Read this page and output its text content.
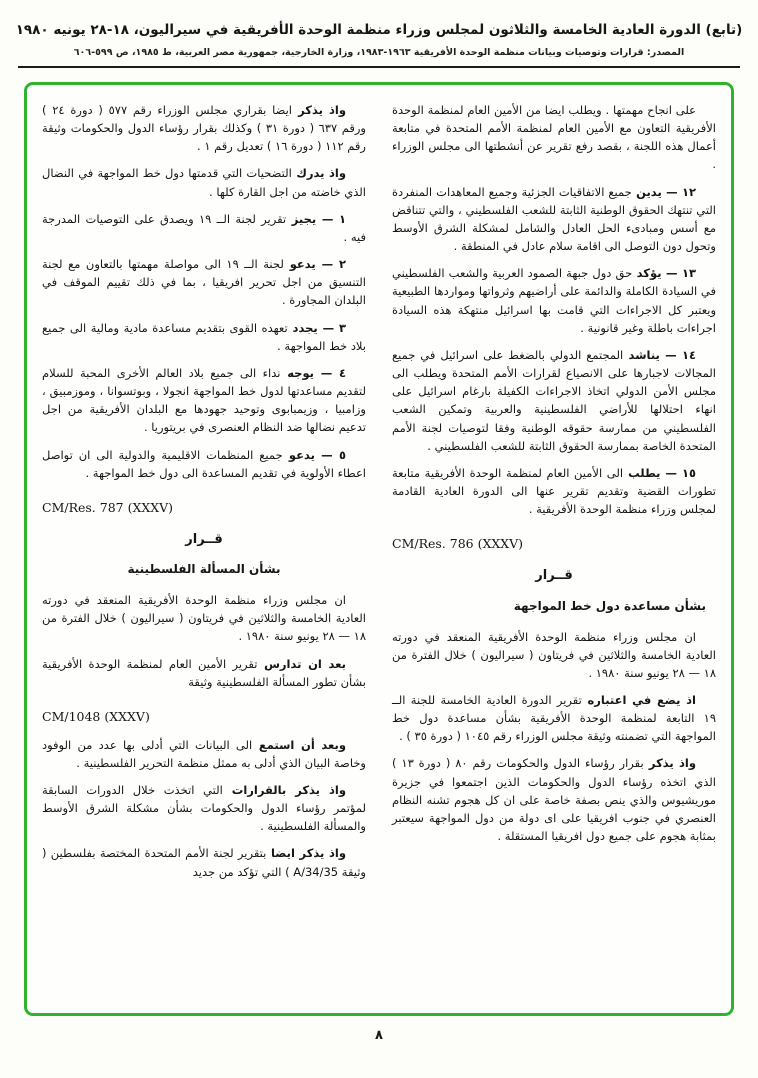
(تابع) الدورة العادية الخامسة والثلاثون لمجلس وزراء منظمة الوحدة الأفريقية في سيراليون، ١٨-٢٨ يونيه ١٩٨٠
المصدر: قرارات وتوصيات وبيانات منظمة الوحدة الأفريقية ١٩٦٣-١٩٨٣، وزارة الخارجية، جمهورية مصر العربية، ط ١٩٨٥، ص ٥٩٩-٦٠٦
على انجاح مهمتها . ويطلب ايضا من الأمين العام لمنظمة الوحدة الأفريقية التعاون مع الأمين العام لمنظمة الأمم المتحدة في متابعة أعمال هذه اللجنة ، بقصد رفع تقرير عن أنشطتها الى مجلس الوزراء .
١٢ — يدين جميع الاتفاقيات الجزئية وجميع المعاهدات المنفردة التي تنتهك الحقوق الوطنية الثابتة للشعب الفلسطيني ، والتي تتناقض مع أسس ومبادىء الحل العادل والشامل لمشكلة الشرق الأوسط وتحول دون التوصل الى اقامة سلام عادل في المنطقة .
١٣ — يؤكد حق دول جبهة الصمود العربية والشعب الفلسطيني في السيادة الكاملة والدائمة على أراضيهم وثرواتها ومواردها الطبيعية ويعتبر كل الاجراءات التي قامت بها اسرائيل منتهكة هذه السيادة اجراءات باطلة وغير قانونية .
١٤ — يناشد المجتمع الدولي بالضغط على اسرائيل في جميع المجالات لاجبارها على الانصياع لقرارات الأمم المتحدة ويطلب الى مجلس الأمن الدولي اتخاذ الاجراءات الكفيلة بارغام اسرائيل على انهاء احتلالها للأراضي الفلسطينية والعربية وتمكين الشعب الفلسطيني من ممارسة حقوقه الوطنية وفقا لتوصيات لجنة الأمم المتحدة الخاصة بممارسة الحقوق الثابتة للشعب الفلسطيني .
١٥ — يطلب الى الأمين العام لمنظمة الوحدة الأفريقية متابعة تطورات القضية وتقديم تقرير عنها الى الدورة العادية القادمة لمجلس وزراء منظمة الوحدة الأفريقية .
CM/Res. 786 (XXXV)
قــرار
بشأن مساعدة دول خط المواجهة
ان مجلس وزراء منظمة الوحدة الأفريقية المنعقد في دورته العادية الخامسة والثلاثين في فريتاون ( سيراليون ) خلال الفترة من ١٨ — ٢٨ يونيو سنة ١٩٨٠ .
اذ يضع في اعتباره تقرير الدورة العادية الخامسة للجنة الــ ١٩ التابعة لمنظمة الوحدة الأفريقية بشأن مساعدة دول خط المواجهة التي تضمنته وثيقة مجلس الوزراء رقم ١٠٤٥ ( دورة ٣٥ ) .
واذ يذكر بقرار رؤساء الدول والحكومات رقم ٨٠ ( دورة ١٣ ) الذي اتخذه رؤساء الدول والحكومات الذين اجتمعوا في جزيرة موريشيوس والذي ينص بصفة خاصة على ان كل هجوم تشنه النظام العنصري في جنوب افريقيا على اى دولة من دول المواجهة سيعتبر بمثابة هجوم على جميع دول افريقيا المستقلة .
واذ يذكر ايضا بقراري مجلس الوزراء رقم ٥٧٧ ( دورة ٢٤ ) ورقم ٦٣٧ ( دورة ٣١ ) وكذلك بقرار رؤساء الدول والحكومات وثيقة رقم ١١٢ ( دورة ١٦ ) تعديل رقم ١ .
واذ يدرك التضحيات التي قدمتها دول خط المواجهة في النضال الذي خاضته من اجل القارة كلها .
١ — يجيز تقرير لجنة الــ ١٩ ويصدق على التوصيات المدرجة فيه .
٢ — يدعو لجنة الــ ١٩ الى مواصلة مهمتها بالتعاون مع لجنة التنسيق من اجل تحرير افريقيا ، بما في ذلك تقييم الموقف في البلدان المجاورة .
٣ — يجدد تعهده القوى بتقديم مساعدة مادية ومالية الى جميع بلاد خط المواجهة .
٤ — يوجه نداء الى جميع بلاد العالم الأخرى المحبة للسلام لتقديم مساعدتها لدول خط المواجهة انجولا ، وبوتسوانا ، وموزمبيق ، وزامبيا ، وزيمبابوى وتوحيد جهودها مع البلدان الأفريقية من اجل تدعيم نضالها ضد النظام العنصرى في بريتوريا .
٥ — يدعو جميع المنظمات الاقليمية والدولية الى ان تواصل اعطاء الأولوية في تقديم المساعدة الى دول خط المواجهة .
CM/Res. 787 (XXXV)
قــرار
بشأن المسألة الفلسطينية
ان مجلس وزراء منظمة الوحدة الأفريقية المنعقد في دورته العادية الخامسة والثلاثين في فريتاون ( سيراليون ) خلال الفترة من ١٨ — ٢٨ يونيو سنة ١٩٨٠ .
بعد ان تدارس تقرير الأمين العام لمنظمة الوحدة الأفريقية بشأن تطور المسألة الفلسطينية وثيقة
CM/1048 (XXXV)
وبعد أن استمع الى البيانات التي أدلى بها عدد من الوفود وخاصة البيان الذي أدلى به ممثل منظمة التحرير الفلسطينية .
واذ يذكر بالقرارات التي اتخذت خلال الدورات السابقة لمؤتمر رؤساء الدول والحكومات بشأن مشكلة الشرق الأوسط والمسألة الفلسطينية .
واذ يذكر ايضا بتقرير لجنة الأمم المتحدة المختصة بفلسطين ( وثيقة A/34/35 ) التي تؤكد من جديد
٨
